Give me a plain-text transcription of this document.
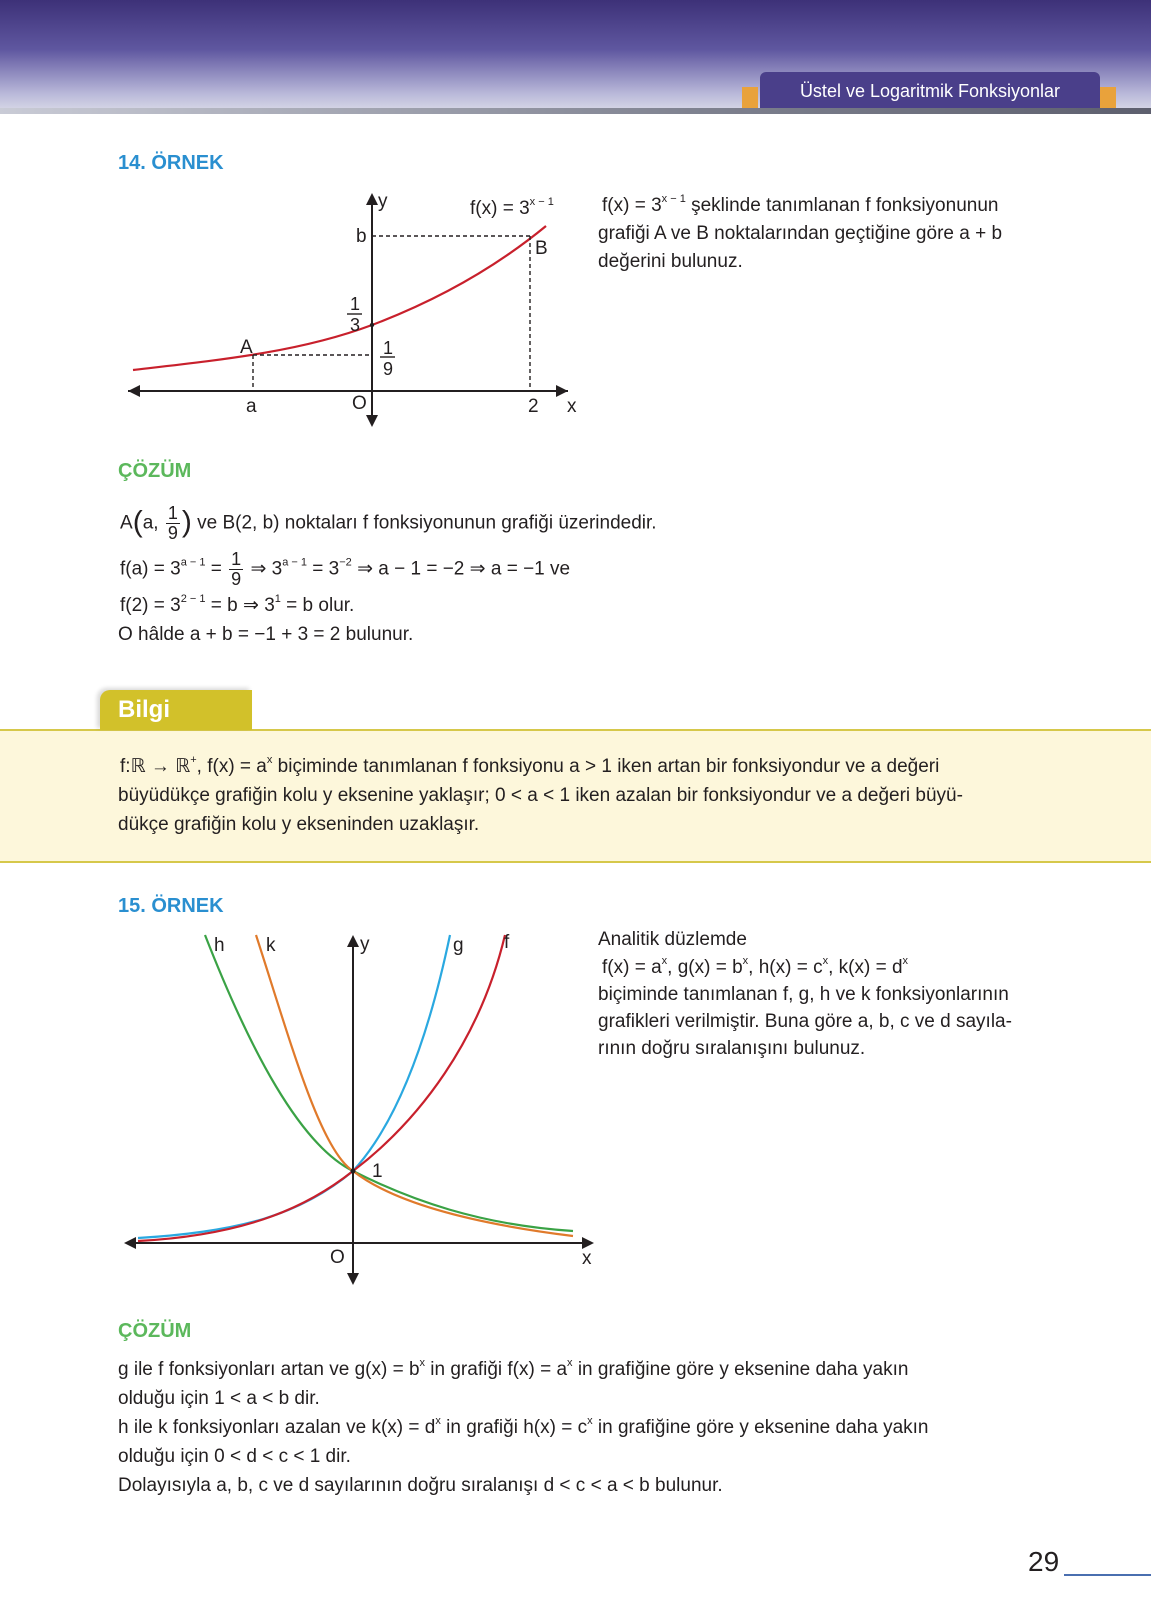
Üstel ve Logaritmik Fonksiyonlar
14. ÖRNEK
y
x
O
a	2
b
A
B
1
3
1
9
$f(x) = 3^{x - 1}$	$f(x) = 3^{x - 1}$ şeklinde tanımlanan f fonksiyonunun
grafiği A ve B noktalarından geçtiğine göre a + b
değerini bulunuz.
ÇÖZÜM
A(a, $\frac{1}{9}$ ) ve B(2, b) noktaları f fonksiyonunun grafiği üzerindedir.
$f(a) = 3^{a - 1} = \frac{1}{9}$ ⇒ $3^{a - 1} = 3^{-2}$ ⇒ a − 1 = −2 ⇒ a = −1 ve
$f(2) = 3^{2 - 1} = b$ ⇒ $3^1 = b$ olur.
O hâlde a + b = −1 + 3 = 2 bulunur.
Bilgi
f:ℝ → ℝ+, $f(x) = a^x$ biçiminde tanımlanan f fonksiyonu a > 1 iken artan bir fonksiyondur ve a değeri
büyüdükçe grafiğin kolu y eksenine yaklaşır; 0 < a < 1 iken azalan bir fonksiyondur ve a değeri büyü-
dükçe grafiğin kolu y ekseninden uzaklaşır.
15. ÖRNEK
h k	g f
y
x
O
1
Analitik düzlemde
$f(x) = a^x$, $g(x) = b^x$, $h(x) = c^x$, $k(x) = d^x$
biçiminde tanımlanan f, g, h ve k fonksiyonlarının
grafikleri verilmiştir. Buna göre a, b, c ve d sayıla-
rının doğru sıralanışını bulunuz.
ÇÖZÜM
g ile f fonksiyonları artan ve $g(x) = b^x$ in grafiği $f(x) = a^x$ in grafiğine göre y eksenine daha yakın
olduğu için 1 < a < b dir.
h ile k fonksiyonları azalan ve $k(x) = d^x$ in grafiği $h(x) = c^x$ in grafiğine göre y eksenine daha yakın
olduğu için 0 < d < c < 1 dir.
Dolayısıyla a, b, c ve d sayılarının doğru sıralanışı d < c < a < b bulunur.
29
